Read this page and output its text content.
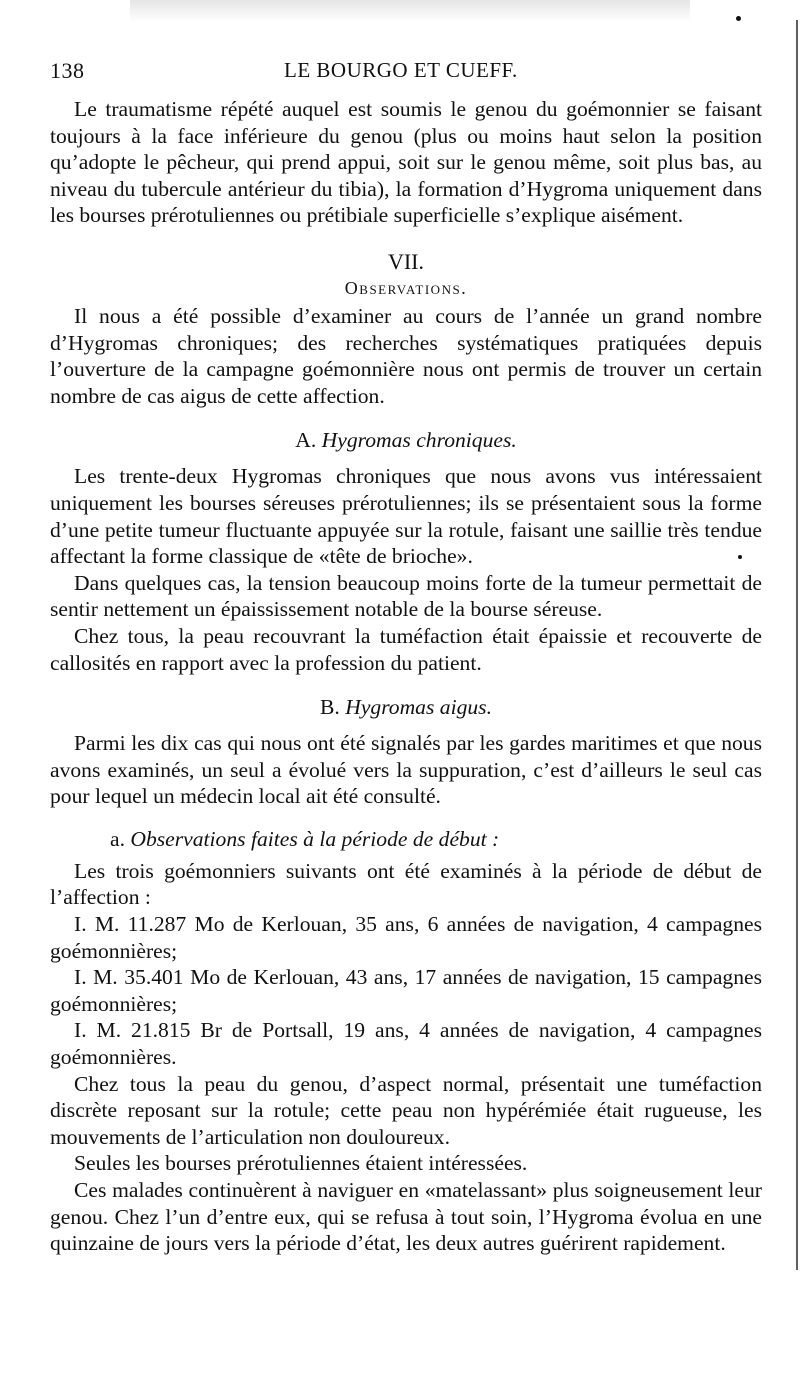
138	LE BOURGO ET CUEFF.

Le traumatisme répété auquel est soumis le genou du goémonnier se faisant toujours à la face inférieure du genou (plus ou moins haut selon la position qu’adopte le pêcheur, qui prend appui, soit sur le genou même, soit plus bas, au niveau du tubercule antérieur du tibia), la formation d’Hygroma uniquement dans les bourses prérotuliennes ou prétibiale superficielle s’explique aisément.

VII.
Observations.

Il nous a été possible d’examiner au cours de l’année un grand nombre d’Hygromas chroniques; des recherches systématiques pratiquées depuis l’ouverture de la campagne goémonnière nous ont permis de trouver un certain nombre de cas aigus de cette affection.

A. Hygromas chroniques.

Les trente-deux Hygromas chroniques que nous avons vus intéressaient uniquement les bourses séreuses prérotuliennes; ils se présentaient sous la forme d’une petite tumeur fluctuante appuyée sur la rotule, faisant une saillie très tendue affectant la forme classique de «tête de brioche».

Dans quelques cas, la tension beaucoup moins forte de la tumeur permettait de sentir nettement un épaississement notable de la bourse séreuse.

Chez tous, la peau recouvrant la tuméfaction était épaissie et recouverte de callosités en rapport avec la profession du patient.

B. Hygromas aigus.

Parmi les dix cas qui nous ont été signalés par les gardes maritimes et que nous avons examinés, un seul a évolué vers la suppuration, c’est d’ailleurs le seul cas pour lequel un médecin local ait été consulté.

a. Observations faites à la période de début :

Les trois goémonniers suivants ont été examinés à la période de début de l’affection :

I. M. 11.287 Mo de Kerlouan, 35 ans, 6 années de navigation, 4 campagnes goémonnières;

I. M. 35.401 Mo de Kerlouan, 43 ans, 17 années de navigation, 15 campagnes goémonnières;

I. M. 21.815 Br de Portsall, 19 ans, 4 années de navigation, 4 campagnes goémonnières.

Chez tous la peau du genou, d’aspect normal, présentait une tuméfaction discrète reposant sur la rotule; cette peau non hypérémiée était rugueuse, les mouvements de l’articulation non douloureux.

Seules les bourses prérotuliennes étaient intéressées.

Ces malades continuèrent à naviguer en «matelassant» plus soigneusement leur genou. Chez l’un d’entre eux, qui se refusa à tout soin, l’Hygroma évolua en une quinzaine de jours vers la période d’état, les deux autres guérirent rapidement.
